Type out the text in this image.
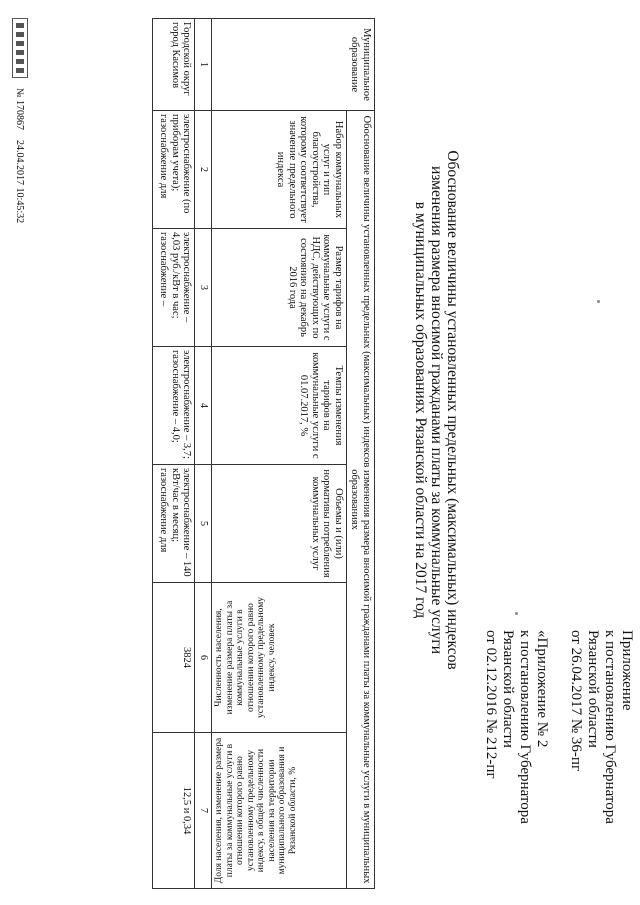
Приложение
к постановлению Губернатора
Рязанской области
от 26.04.2017 № 36-пг
«Приложение № 2
к постановлению Губернатора
Рязанской области
от 02.12.2016 № 212-пг
Обоснование величины установленных предельных (максимальных) индексов
изменения размера вносимой гражданами платы за коммунальные услуги
в муниципальных образованиях Рязанской области на 2017 год
Муниципальное образование	Обоснование величины установленных предельных (максимальных) индексов изменения размера вносимой гражданами платы за коммунальные услуги в муниципальных образованиях					
	Набор коммунальных услуг и тип благоустройства, которому соответствует значение предельного индекса	Размер тарифов на коммунальные услуги с НДС, действующих по состоянию на декабрь 2016 года	Темпы изменения тарифов на коммунальные услуги с 01.07.2017, %	Объемы и (или) нормативы потребления коммунальных услуг	Численность населения, изменение размера платы за коммунальные услуги в отношении которого равно установленному предельному индексу, человек	Доля населения, изменение размера платы за коммунальные услуги в отношении которого равно установленному предельному индексу, в общей численности населения на территории муниципального образования и Рязанской области, %
1	2	3	4	5	6	7
Городской округ город Касимов	электроснабжение (по приборам учета); газоснабжение для	электроснабжение – 4,03 руб./кВт в час; газоснабжение –	электроснабжение – 3,7; газоснабжение – 4,0;	электроснабжение – 140 кВт/час в месяц; газоснабжение для	3824	12,5 и 0,34
№ 170867
24.04.2017 10:45:32
